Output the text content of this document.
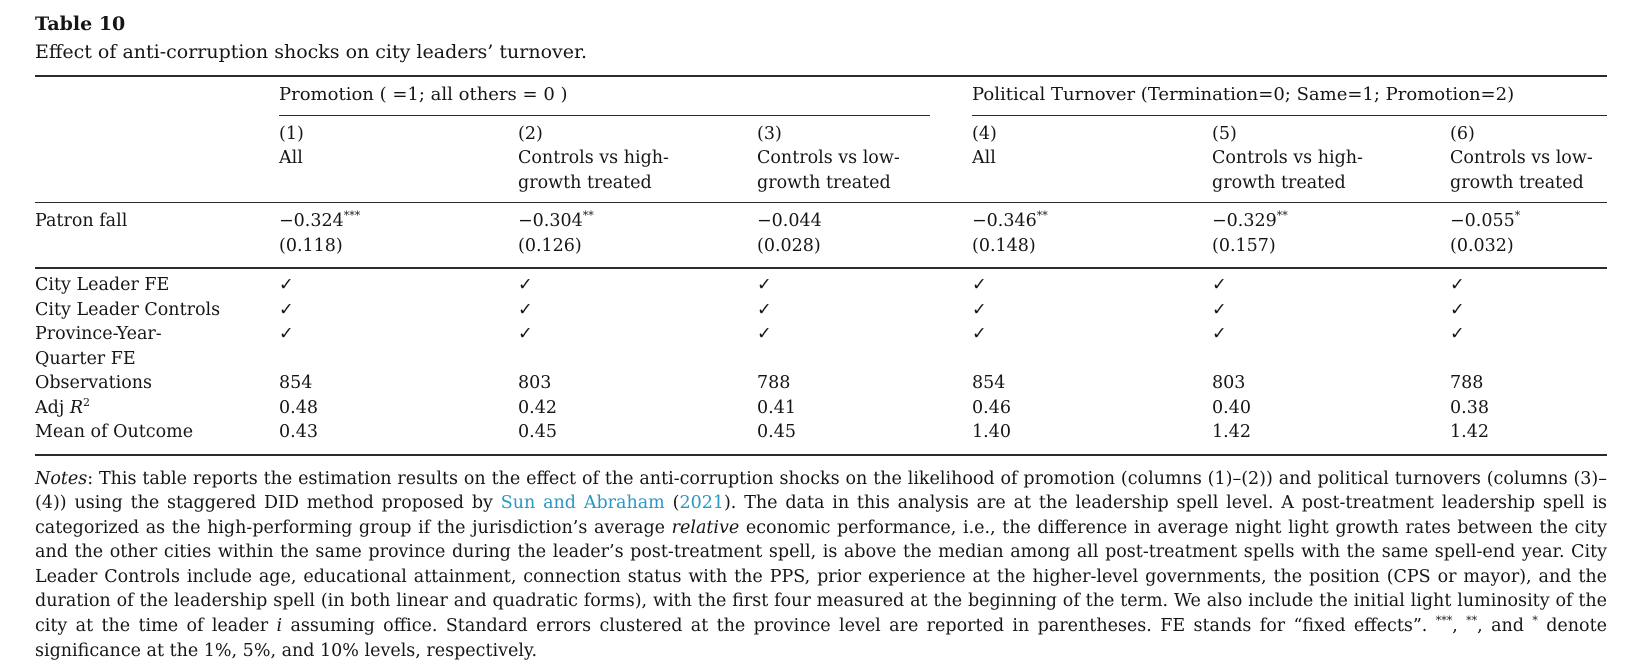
Table 10
Effect of anti-corruption shocks on city leaders’ turnover.

	Promotion ( =1; all others = 0 )			Political Turnover (Termination=0; Same=1; Promotion=2)		

	(1)	(2)	(3)	(4)	(5)	(6)

	All	Controls vs high-growth treated	Controls vs low-growth treated	All	Controls vs high-growth treated	Controls vs low-growth treated

Patron fall	−0.324***	−0.304**	−0.044	−0.346**	−0.329**	−0.055*
	(0.118)	(0.126)	(0.028)	(0.148)	(0.157)	(0.032)

City Leader FE	✓	✓	✓	✓	✓	✓

City Leader Controls	✓	✓	✓	✓	✓	✓

Province-Year-Quarter FE	✓	✓	✓	✓	✓	✓

Observations	854	803	788	854	803	788

Adj $R^2$	0.48	0.42	0.41	0.46	0.40	0.38

Mean of Outcome	0.43	0.45	0.45	1.40	1.42	1.42

Notes: This table reports the estimation results on the effect of the anti-corruption shocks on the likelihood of promotion (columns (1)–(2)) and political turnovers (columns (3)–(4)) using the staggered DID method proposed by Sun and Abraham (2021). The data in this analysis are at the leadership spell level. A post-treatment leadership spell is categorized as the high-performing group if the jurisdiction’s average relative economic performance, i.e., the difference in average night light growth rates between the city and the other cities within the same province during the leader’s post-treatment spell, is above the median among all post-treatment spells with the same spell-end year. City Leader Controls include age, educational attainment, connection status with the PPS, prior experience at the higher-level governments, the position (CPS or mayor), and the duration of the leadership spell (in both linear and quadratic forms), with the first four measured at the beginning of the term. We also include the initial light luminosity of the city at the time of leader i assuming office. Standard errors clustered at the province level are reported in parentheses. FE stands for “fixed effects”. ***, **, and * denote significance at the 1%, 5%, and 10% levels, respectively.
